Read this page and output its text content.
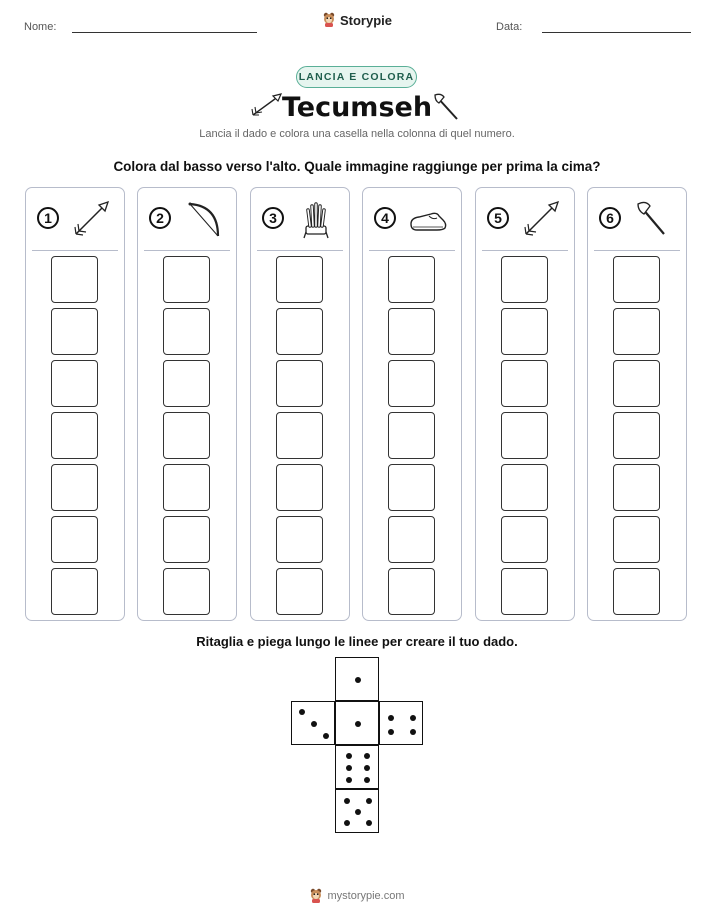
Nome:	Storypie	Data:
LANCIA E COLORA
Tecumseh
Lancia il dado e colora una casella nella colonna di quel numero.
Colora dal basso verso l'alto. Quale immagine raggiunge per prima la cima?
1	2	3	4	5	6
Ritaglia e piega lungo le linee per creare il tuo dado.
mystorypie.com
